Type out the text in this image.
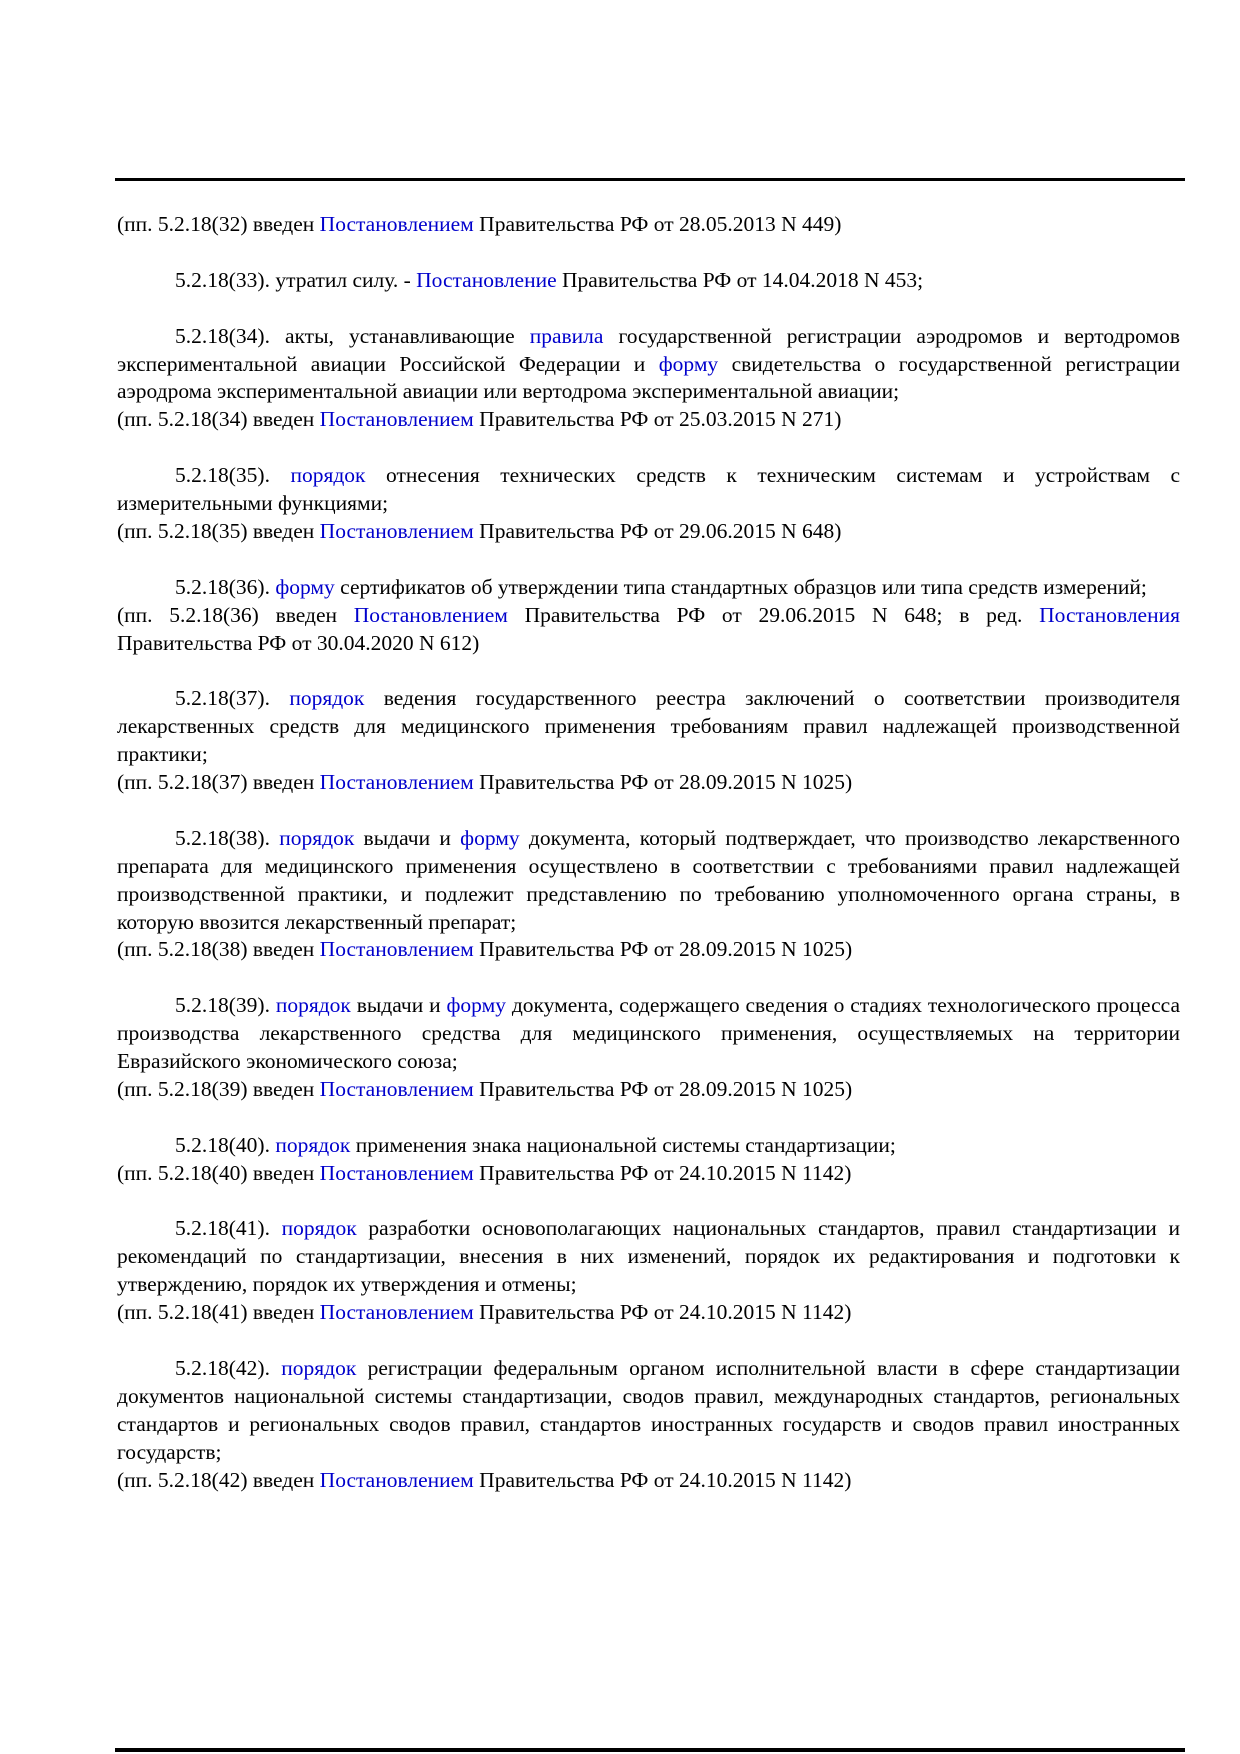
(пп. 5.2.18(32) введен Постановлением Правительства РФ от 28.05.2013 N 449)

5.2.18(33). утратил силу. - Постановление Правительства РФ от 14.04.2018 N 453;

5.2.18(34). акты, устанавливающие правила государственной регистрации аэродромов и вертодромов экспериментальной авиации Российской Федерации и форму свидетельства о государственной регистрации аэродрома экспериментальной авиации или вертодрома экспериментальной авиации;

(пп. 5.2.18(34) введен Постановлением Правительства РФ от 25.03.2015 N 271)

5.2.18(35). порядок отнесения технических средств к техническим системам и устройствам с измерительными функциями;

(пп. 5.2.18(35) введен Постановлением Правительства РФ от 29.06.2015 N 648)

5.2.18(36). форму сертификатов об утверждении типа стандартных образцов или типа средств измерений;

(пп. 5.2.18(36) введен Постановлением Правительства РФ от 29.06.2015 N 648; в ред. Постановления Правительства РФ от 30.04.2020 N 612)

5.2.18(37). порядок ведения государственного реестра заключений о соответствии производителя лекарственных средств для медицинского применения требованиям правил надлежащей производственной практики;

(пп. 5.2.18(37) введен Постановлением Правительства РФ от 28.09.2015 N 1025)

5.2.18(38). порядок выдачи и форму документа, который подтверждает, что производство лекарственного препарата для медицинского применения осуществлено в соответствии с требованиями правил надлежащей производственной практики, и подлежит представлению по требованию уполномоченного органа страны, в которую ввозится лекарственный препарат;

(пп. 5.2.18(38) введен Постановлением Правительства РФ от 28.09.2015 N 1025)

5.2.18(39). порядок выдачи и форму документа, содержащего сведения о стадиях технологического процесса производства лекарственного средства для медицинского применения, осуществляемых на территории Евразийского экономического союза;

(пп. 5.2.18(39) введен Постановлением Правительства РФ от 28.09.2015 N 1025)

5.2.18(40). порядок применения знака национальной системы стандартизации;

(пп. 5.2.18(40) введен Постановлением Правительства РФ от 24.10.2015 N 1142)

5.2.18(41). порядок разработки основополагающих национальных стандартов, правил стандартизации и рекомендаций по стандартизации, внесения в них изменений, порядок их редактирования и подготовки к утверждению, порядок их утверждения и отмены;

(пп. 5.2.18(41) введен Постановлением Правительства РФ от 24.10.2015 N 1142)

5.2.18(42). порядок регистрации федеральным органом исполнительной власти в сфере стандартизации документов национальной системы стандартизации, сводов правил, международных стандартов, региональных стандартов и региональных сводов правил, стандартов иностранных государств и сводов правил иностранных государств;

(пп. 5.2.18(42) введен Постановлением Правительства РФ от 24.10.2015 N 1142)
